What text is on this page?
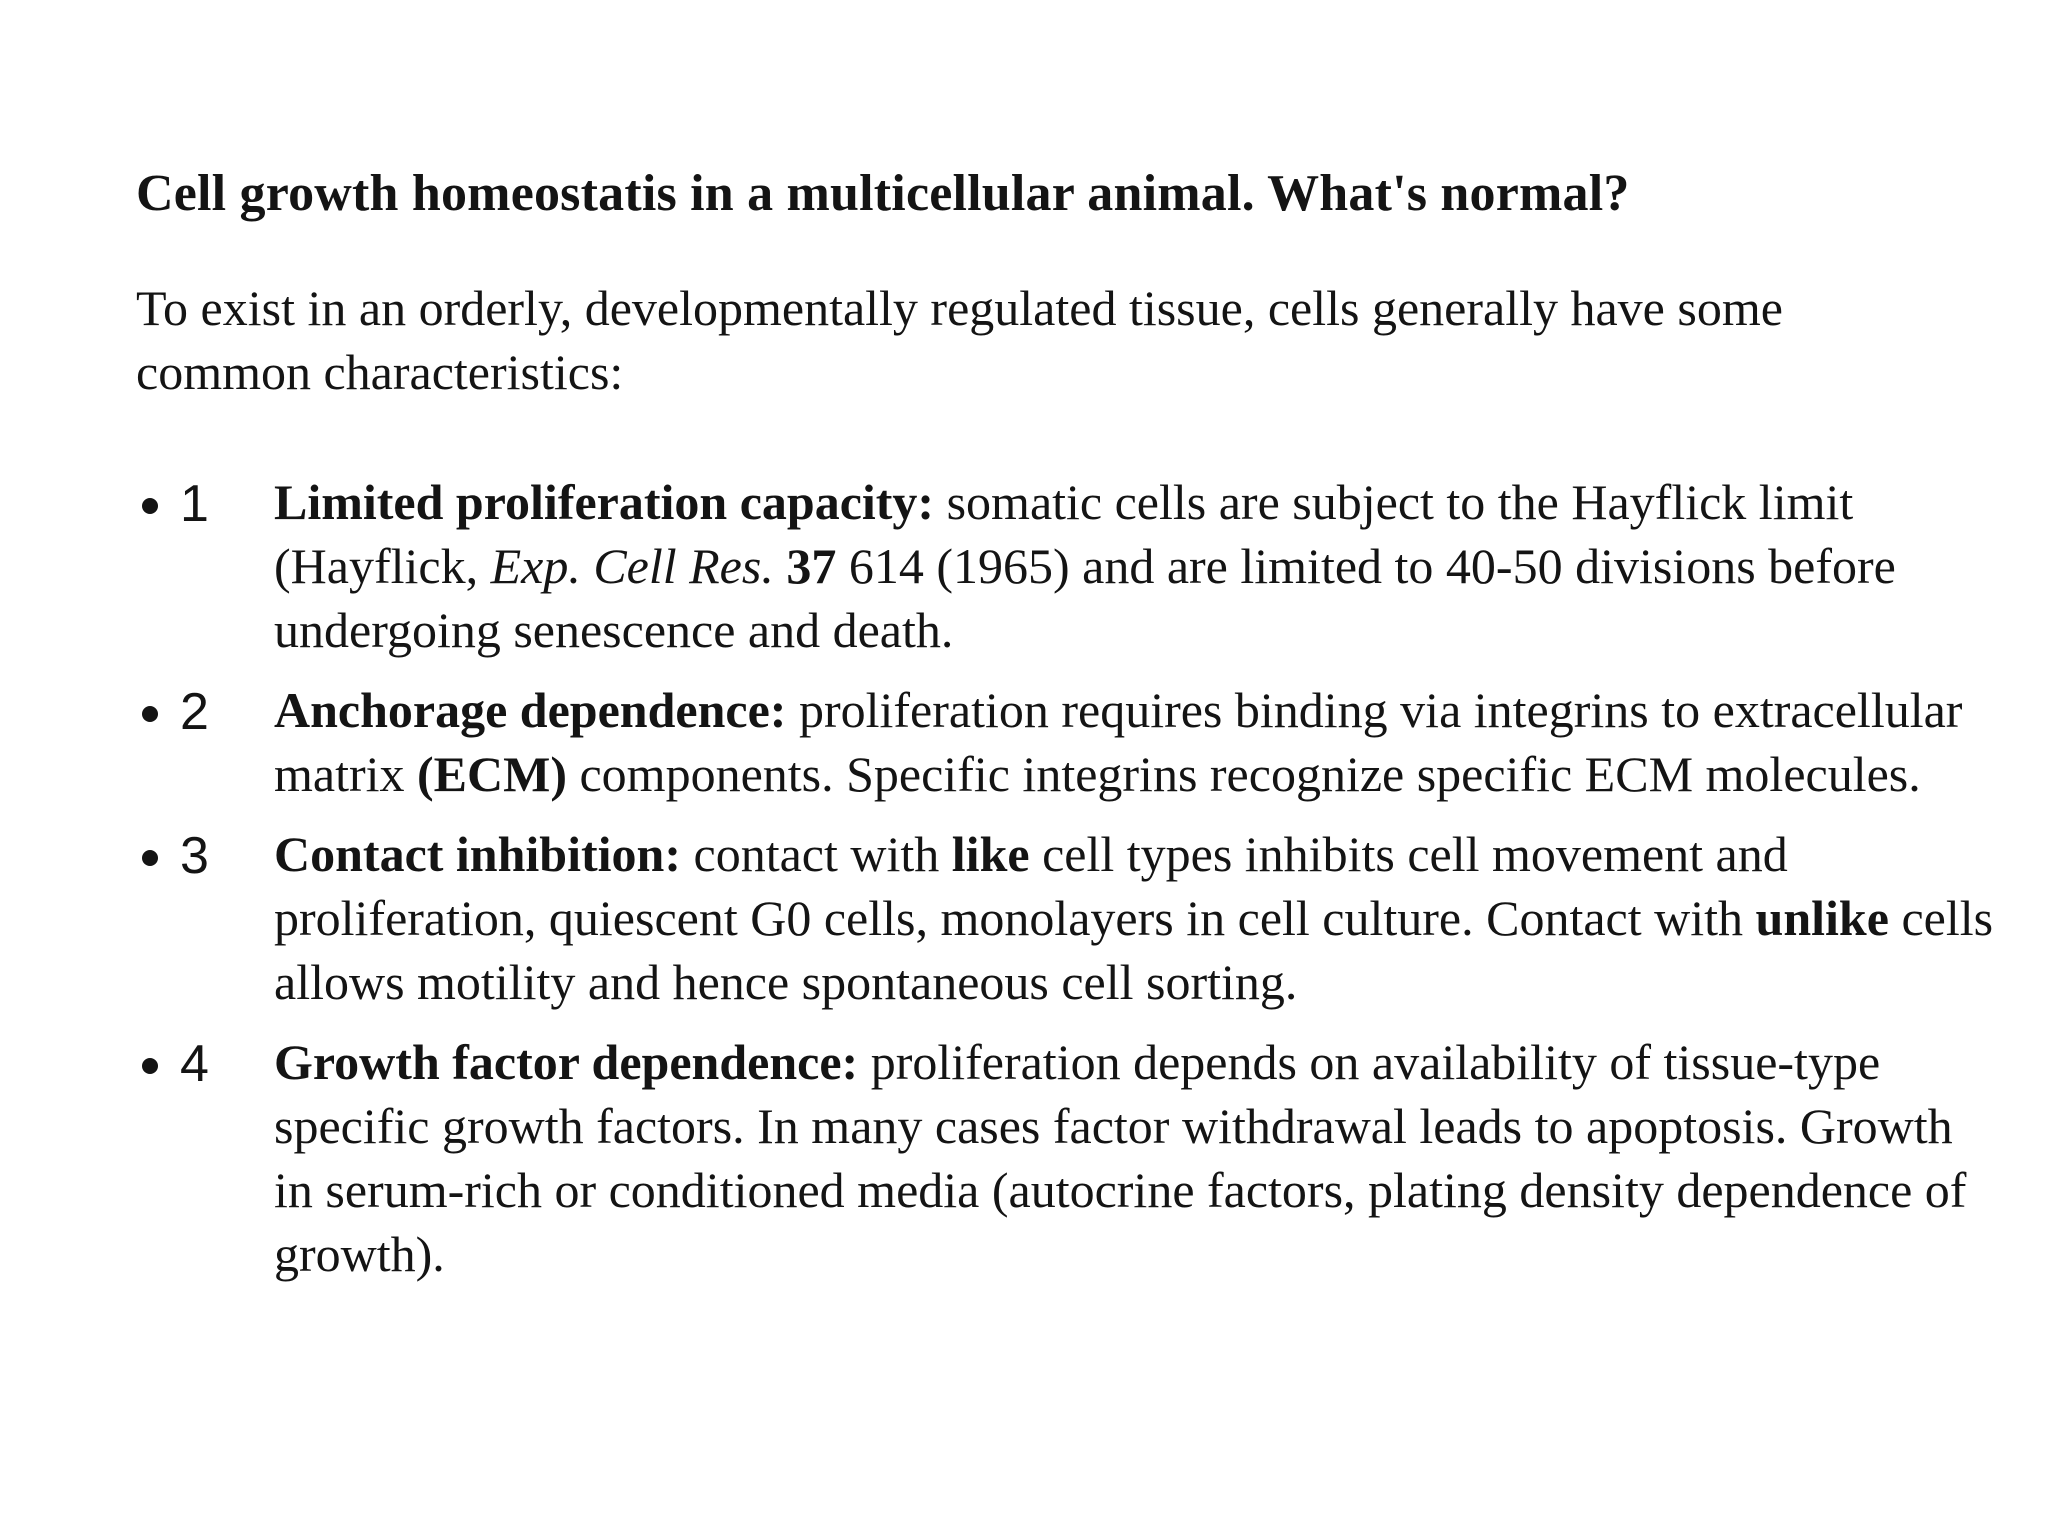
Cell growth homeostatis in a multicellular animal. What's normal?
To exist in an orderly, developmentally regulated tissue, cells generally have some common characteristics:
1 Limited proliferation capacity: somatic cells are subject to the Hayflick limit (Hayflick, Exp. Cell Res. 37 614 (1965) and are limited to 40-50 divisions before undergoing senescence and death.
2 Anchorage dependence: proliferation requires binding via integrins to extracellular matrix (ECM) components. Specific integrins recognize specific ECM molecules.
3 Contact inhibition: contact with like cell types inhibits cell movement and proliferation, quiescent G0 cells, monolayers in cell culture. Contact with unlike cells allows motility and hence spontaneous cell sorting.
4 Growth factor dependence: proliferation depends on availability of tissue-type specific growth factors. In many cases factor withdrawal leads to apoptosis. Growth in serum-rich or conditioned media (autocrine factors, plating density dependence of growth).
